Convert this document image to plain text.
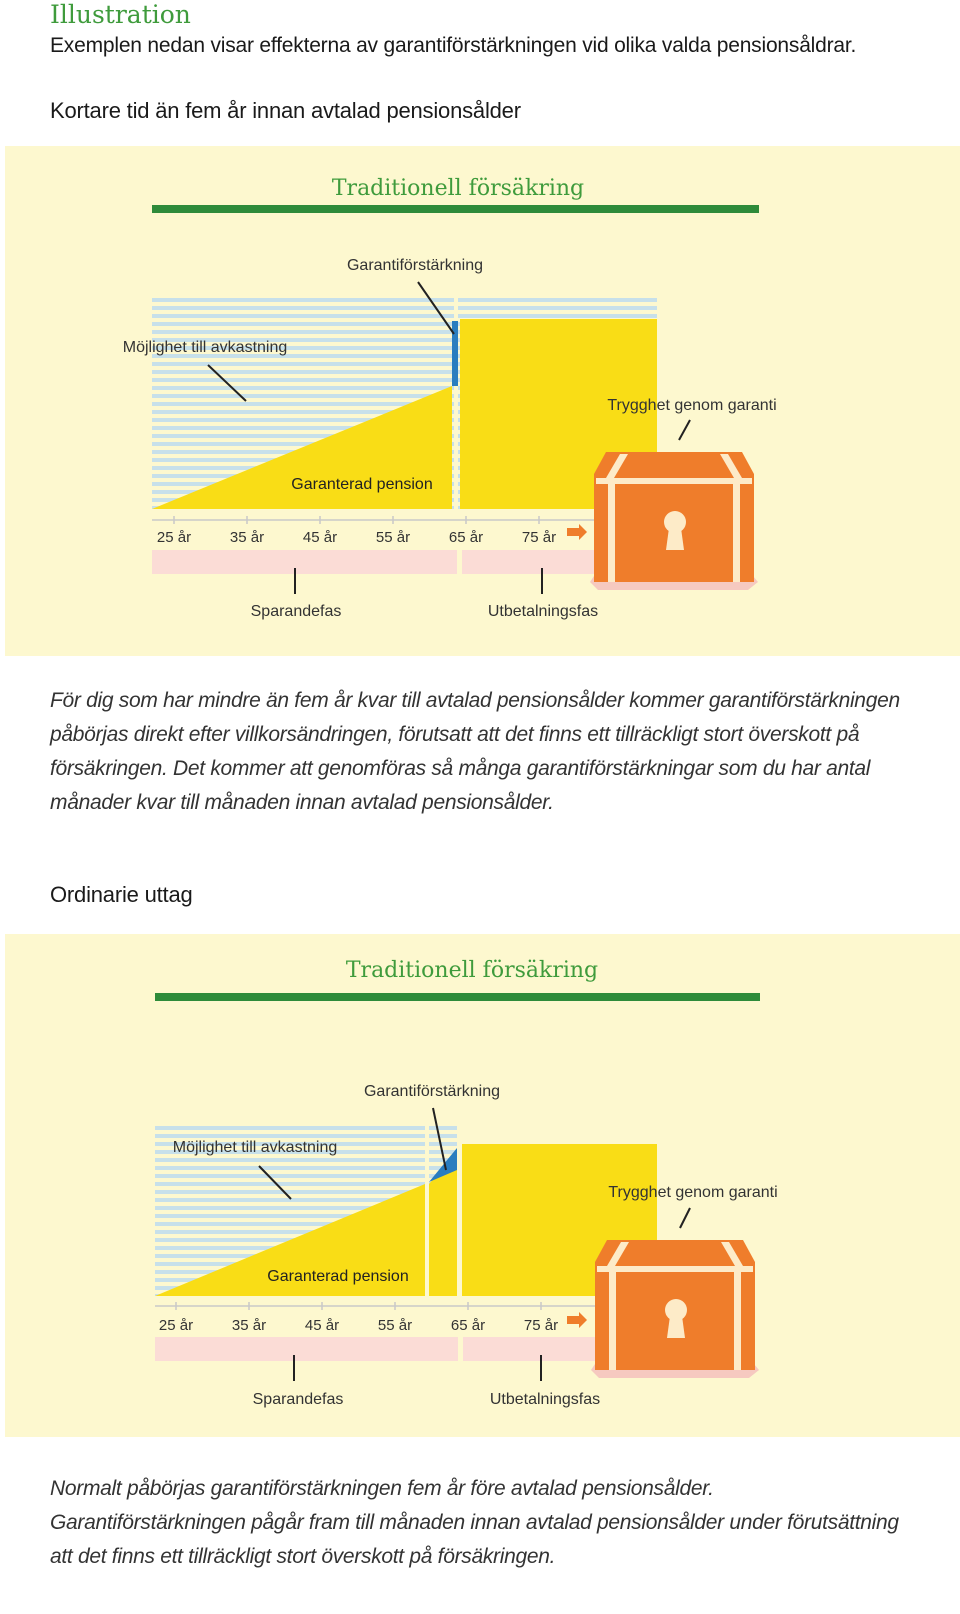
Illustration

Exemplen nedan visar effekterna av garantiförstärkningen vid olika valda pensionsåldrar.

Kortare tid än fem år innan avtalad pensionsålder
Traditionell försäkring
Garantiförstärkning
Möjlighet till avkastning
Trygghet genom garanti
Garanterad pension
25 år	35 år	45 år	55 år	65 år	75 år
Sparandefas	Utbetalningsfas

För dig som har mindre än fem år kvar till avtalad pensionsålder kommer garantiförstärkningen påbörjas direkt efter villkorsändringen, förutsatt att det finns ett tillräckligt stort överskott på försäkringen. Det kommer att genomföras så många garantiförstärkningar som du har antal månader kvar till månaden innan avtalad pensionsålder.

Ordinarie uttag
Traditionell försäkring
Garantiförstärkning
Möjlighet till avkastning
Trygghet genom garanti
Garanterad pension
25 år	35 år	45 år	55 år	65 år	75 år
Sparandefas	Utbetalningsfas

Normalt påbörjas garantiförstärkningen fem år före avtalad pensionsålder. Garantiförstärkningen pågår fram till månaden innan avtalad pensionsålder under förutsättning att det finns ett tillräckligt stort överskott på försäkringen.
